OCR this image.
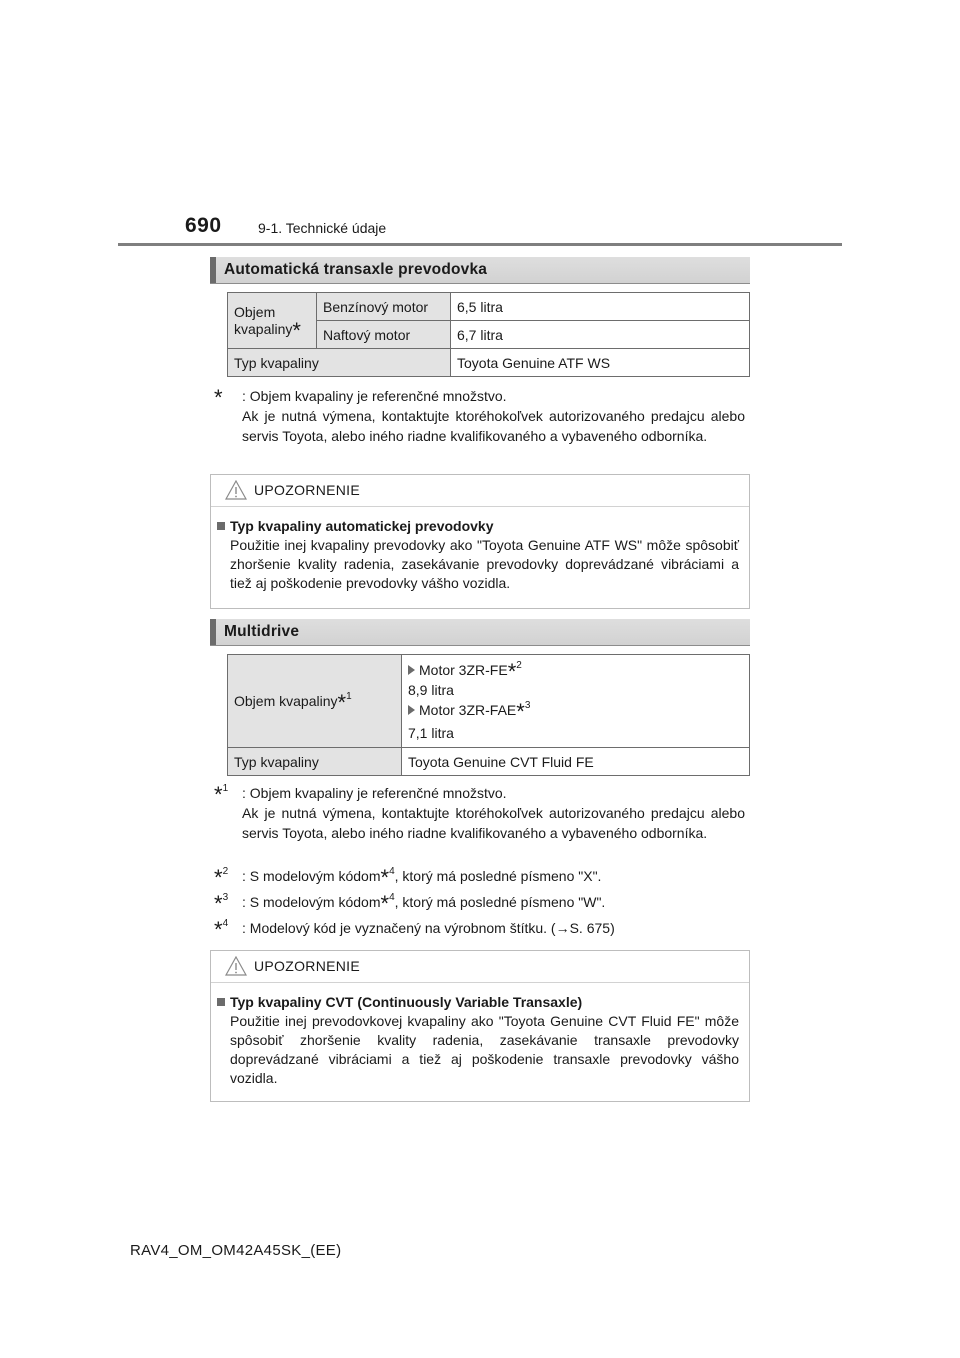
690	9-1. Technické údaje
Automatická transaxle prevodovka
Objem kvapaliny*	Benzínový motor	6,5 litra
	Naftový motor	6,7 litra
Typ kvapaliny		Toyota Genuine ATF WS
*	: Objem kvapaliny je referenčné množstvo.
Ak je nutná výmena, kontaktujte ktoréhokoľvek autorizovaného predajcu alebo servis Toyota, alebo iného riadne kvalifikovaného a vybaveného odborníka.
UPOZORNENIE
Typ kvapaliny automatickej prevodovky
Použitie inej kvapaliny prevodovky ako "Toyota Genuine ATF WS" môže spôsobiť zhoršenie kvality radenia, zasekávanie prevodovky doprevádzané vibráciami a tiež aj poškodenie prevodovky vášho vozidla.
Multidrive
Objem kvapaliny$^{*1}$	Motor 3ZR-FE$^{*2}$
8,9 litra
Motor 3ZR-FAE$^{*3}$
7,1 litra

Typ kvapaliny	Toyota Genuine CVT Fluid FE
$^{*1}$ : Objem kvapaliny je referenčné množstvo.
Ak je nutná výmena, kontaktujte ktoréhokoľvek autorizovaného predajcu alebo servis Toyota, alebo iného riadne kvalifikovaného a vybaveného odborníka.
$^{*2}$ : S modelovým kódom$^{*4}$, ktorý má posledné písmeno "X".
$^{*3}$ : S modelovým kódom$^{*4}$, ktorý má posledné písmeno "W".
$^{*4}$ : Modelový kód je vyznačený na výrobnom štítku. (→S. 675)
UPOZORNENIE
Typ kvapaliny CVT (Continuously Variable Transaxle)
Použitie inej prevodovkovej kvapaliny ako "Toyota Genuine CVT Fluid FE" môže spôsobiť zhoršenie kvality radenia, zasekávanie transaxle prevodovky doprevádzané vibráciami a tiež aj poškodenie transaxle prevodovky vášho vozidla.
RAV4_OM_OM42A45SK_(EE)
